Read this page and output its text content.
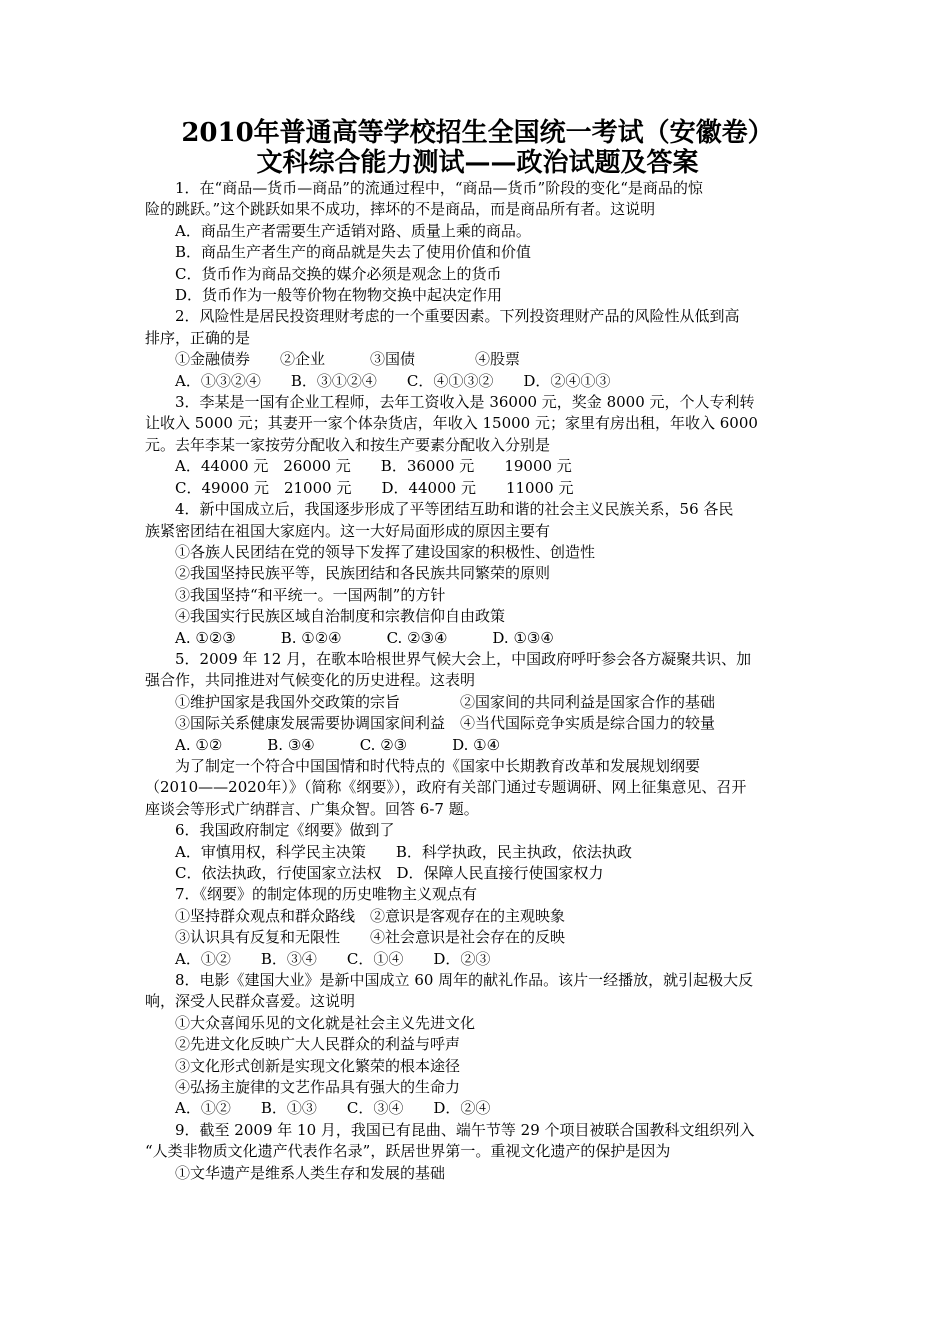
2010年普通高等学校招生全国统一考试（安徽卷）
文科综合能力测试——政治试题及答案
1．在“商品—货币—商品”的流通过程中，“商品—货币”阶段的变化“是商品的惊
险的跳跃。”这个跳跃如果不成功，摔坏的不是商品，而是商品所有者。这说明
A．商品生产者需要生产适销对路、质量上乘的商品。
B．商品生产者生产的商品就是失去了使用价值和价值
C．货币作为商品交换的媒介必须是观念上的货币
D．货币作为一般等价物在物物交换中起决定作用
2．风险性是居民投资理财考虑的一个重要因素。下列投资理财产品的风险性从低到高
排序，正确的是
①金融债券　　②企业　　　③国债　　　　④股票
A．①③②④　　B．③①②④　　C．④①③②　　D．②④①③
3．李某是一国有企业工程师，去年工资收入是 36000 元，奖金 8000 元，个人专利转
让收入 5000 元；其妻开一家个体杂货店，年收入 15000 元；家里有房出租，年收入 6000
元。去年李某一家按劳分配收入和按生产要素分配收入分别是
A．44000 元　26000 元　　B．36000 元　　19000 元
C．49000 元　21000 元　　D．44000 元　　11000 元
4．新中国成立后，我国逐步形成了平等团结互助和谐的社会主义民族关系，56 各民
族紧密团结在祖国大家庭内。这一大好局面形成的原因主要有
①各族人民团结在党的领导下发挥了建设国家的积极性、创造性
②我国坚持民族平等，民族团结和各民族共同繁荣的原则
③我国坚持“和平统一。一国两制”的方针
④我国实行民族区域自治制度和宗教信仰自由政策
A. ①②③　　　B. ①②④　　　C. ②③④　　　D. ①③④
5．2009 年 12 月，在歌本哈根世界气候大会上，中国政府呼吁参会各方凝聚共识、加
强合作，共同推进对气候变化的历史进程。这表明
①维护国家是我国外交政策的宗旨　　　　②国家间的共同利益是国家合作的基础
③国际关系健康发展需要协调国家间利益　④当代国际竞争实质是综合国力的较量
A. ①②　　　B. ③④　　　C. ②③　　　D. ①④
为了制定一个符合中国国情和时代特点的《国家中长期教育改革和发展规划纲要
（2010——2020年）》（简称《纲要》），政府有关部门通过专题调研、网上征集意见、召开
座谈会等形式广纳群言、广集众智。回答 6-7 题。
6．我国政府制定《纲要》做到了
A．审慎用权，科学民主决策　　B．科学执政，民主执政，依法执政
C．依法执政，行使国家立法权　D．保障人民直接行使国家权力
7．《纲要》的制定体现的历史唯物主义观点有
①坚持群众观点和群众路线　②意识是客观存在的主观映象
③认识具有反复和无限性　　④社会意识是社会存在的反映
A．①②　　B．③④　　C．①④　　D．②③
8．电影《建国大业》是新中国成立 60 周年的献礼作品。该片一经播放，就引起极大反
响，深受人民群众喜爱。这说明
①大众喜闻乐见的文化就是社会主义先进文化
②先进文化反映广大人民群众的利益与呼声
③文化形式创新是实现文化繁荣的根本途径
④弘扬主旋律的文艺作品具有强大的生命力
A．①②　　B．①③　　C．③④　　D．②④
9．截至 2009 年 10 月，我国已有昆曲、端午节等 29 个项目被联合国教科文组织列入
“人类非物质文化遗产代表作名录”，跃居世界第一。重视文化遗产的保护是因为
①文华遗产是维系人类生存和发展的基础
